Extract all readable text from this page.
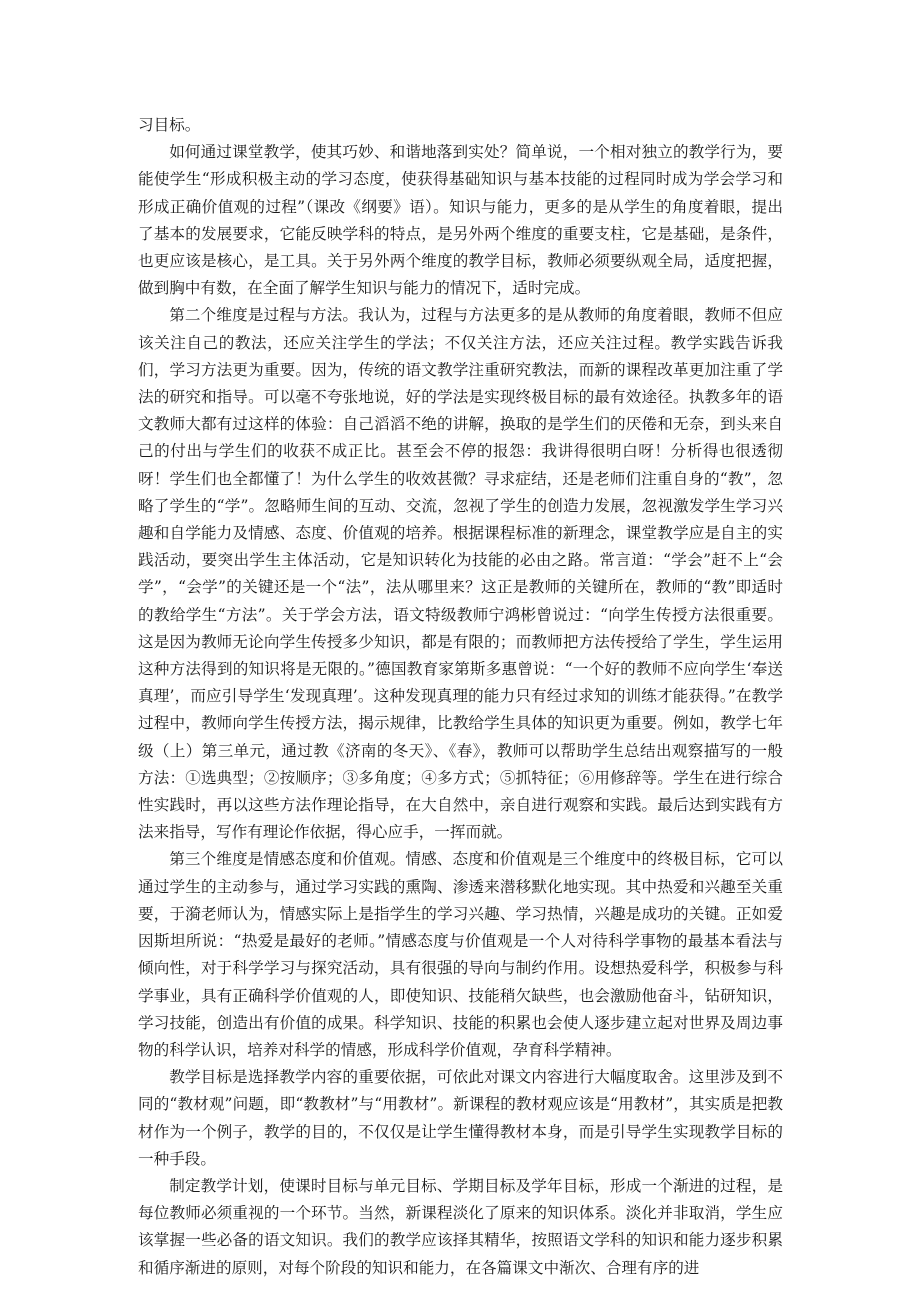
习目标。

如何通过课堂教学，使其巧妙、和谐地落到实处？简单说，一个相对独立的教学行为，要能使学生“形成积极主动的学习态度，使获得基础知识与基本技能的过程同时成为学会学习和形成正确价值观的过程”（课改《纲要》语）。知识与能力，更多的是从学生的角度着眼，提出了基本的发展要求，它能反映学科的特点，是另外两个维度的重要支柱，它是基础，是条件，也更应该是核心，是工具。关于另外两个维度的教学目标，教师必须要纵观全局，适度把握，做到胸中有数，在全面了解学生知识与能力的情况下，适时完成。

第二个维度是过程与方法。我认为，过程与方法更多的是从教师的角度着眼，教师不但应该关注自己的教法，还应关注学生的学法；不仅关注方法，还应关注过程。教学实践告诉我们，学习方法更为重要。因为，传统的语文教学注重研究教法，而新的课程改革更加注重了学法的研究和指导。可以毫不夸张地说，好的学法是实现终极目标的最有效途径。执教多年的语文教师大都有过这样的体验：自己滔滔不绝的讲解，换取的是学生们的厌倦和无奈，到头来自己的付出与学生们的收获不成正比。甚至会不停的报怨：我讲得很明白呀！分析得也很透彻呀！学生们也全都懂了！为什么学生的收效甚微？寻求症结，还是老师们注重自身的“教”，忽略了学生的“学”。忽略师生间的互动、交流，忽视了学生的创造力发展，忽视激发学生学习兴趣和自学能力及情感、态度、价值观的培养。根据课程标准的新理念，课堂教学应是自主的实践活动，要突出学生主体活动，它是知识转化为技能的必由之路。常言道：“学会”赶不上“会学”，“会学”的关键还是一个“法”，法从哪里来？这正是教师的关键所在，教师的“教”即适时的教给学生“方法”。关于学会方法，语文特级教师宁鸿彬曾说过：“向学生传授方法很重要。这是因为教师无论向学生传授多少知识，都是有限的；而教师把方法传授给了学生，学生运用这种方法得到的知识将是无限的。”德国教育家第斯多惠曾说：“一个好的教师不应向学生‘奉送真理’，而应引导学生‘发现真理’。这种发现真理的能力只有经过求知的训练才能获得。”在教学过程中，教师向学生传授方法，揭示规律，比教给学生具体的知识更为重要。例如，教学七年级（上）第三单元，通过教《济南的冬天》、《春》，教师可以帮助学生总结出观察描写的一般方法：①选典型；②按顺序；③多角度；④多方式；⑤抓特征；⑥用修辞等。学生在进行综合性实践时，再以这些方法作理论指导，在大自然中，亲自进行观察和实践。最后达到实践有方法来指导，写作有理论作依据，得心应手，一挥而就。

第三个维度是情感态度和价值观。情感、态度和价值观是三个维度中的终极目标，它可以通过学生的主动参与，通过学习实践的熏陶、渗透来潜移默化地实现。其中热爱和兴趣至关重要，于漪老师认为，情感实际上是指学生的学习兴趣、学习热情，兴趣是成功的关键。正如爱因斯坦所说：“热爱是最好的老师。”情感态度与价值观是一个人对待科学事物的最基本看法与倾向性，对于科学学习与探究活动，具有很强的导向与制约作用。设想热爱科学，积极参与科学事业，具有正确科学价值观的人，即使知识、技能稍欠缺些，也会激励他奋斗，钻研知识，学习技能，创造出有价值的成果。科学知识、技能的积累也会使人逐步建立起对世界及周边事物的科学认识，培养对科学的情感，形成科学价值观，孕育科学精神。

教学目标是选择教学内容的重要依据，可依此对课文内容进行大幅度取舍。这里涉及到不同的“教材观”问题，即“教教材”与“用教材”。新课程的教材观应该是“用教材”，其实质是把教材作为一个例子，教学的目的，不仅仅是让学生懂得教材本身，而是引导学生实现教学目标的一种手段。

制定教学计划，使课时目标与单元目标、学期目标及学年目标，形成一个渐进的过程，是每位教师必须重视的一个环节。当然，新课程淡化了原来的知识体系。淡化并非取消，学生应该掌握一些必备的语文知识。我们的教学应该择其精华，按照语文学科的知识和能力逐步积累和循序渐进的原则，对每个阶段的知识和能力，在各篇课文中渐次、合理有序的进
